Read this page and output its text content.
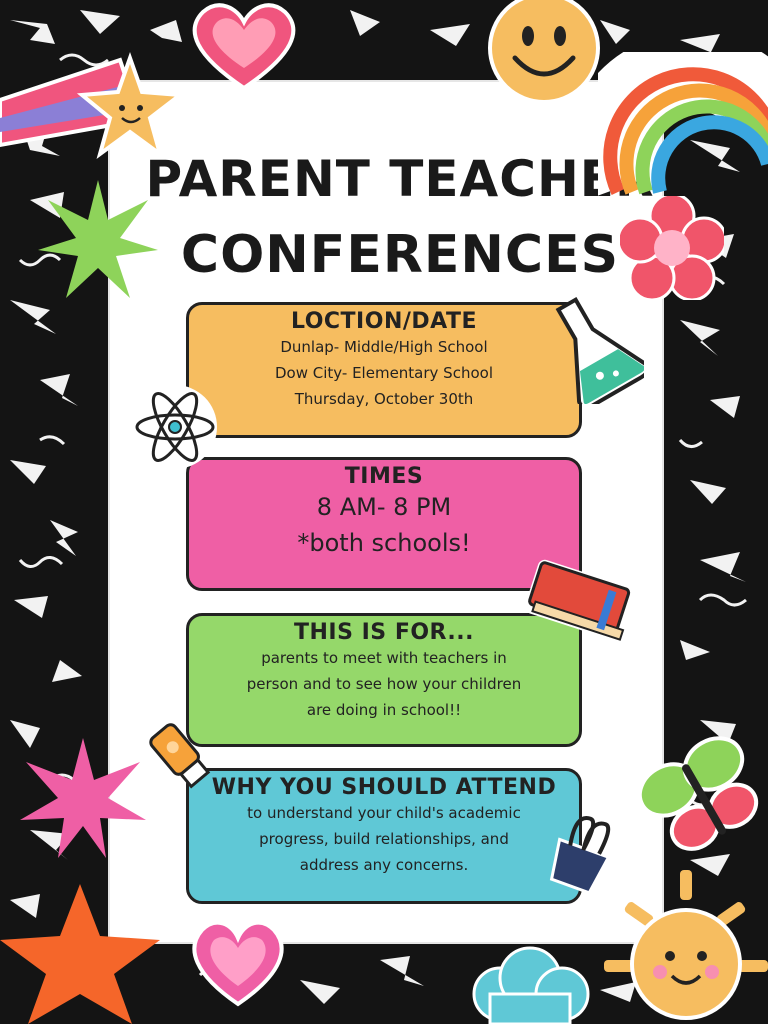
PARENT TEACHER
CONFERENCES
LOCTION/DATE
Dunlap- Middle/High School
Dow City- Elementary School
Thursday, October 30th
TIMES
8 AM- 8 PM
*both schools!
THIS IS FOR...
parents to meet with teachers in
person and to see how your children
are doing in school!!
WHY YOU SHOULD ATTEND
to understand your child's academic
progress, build relationships, and
address any concerns.
